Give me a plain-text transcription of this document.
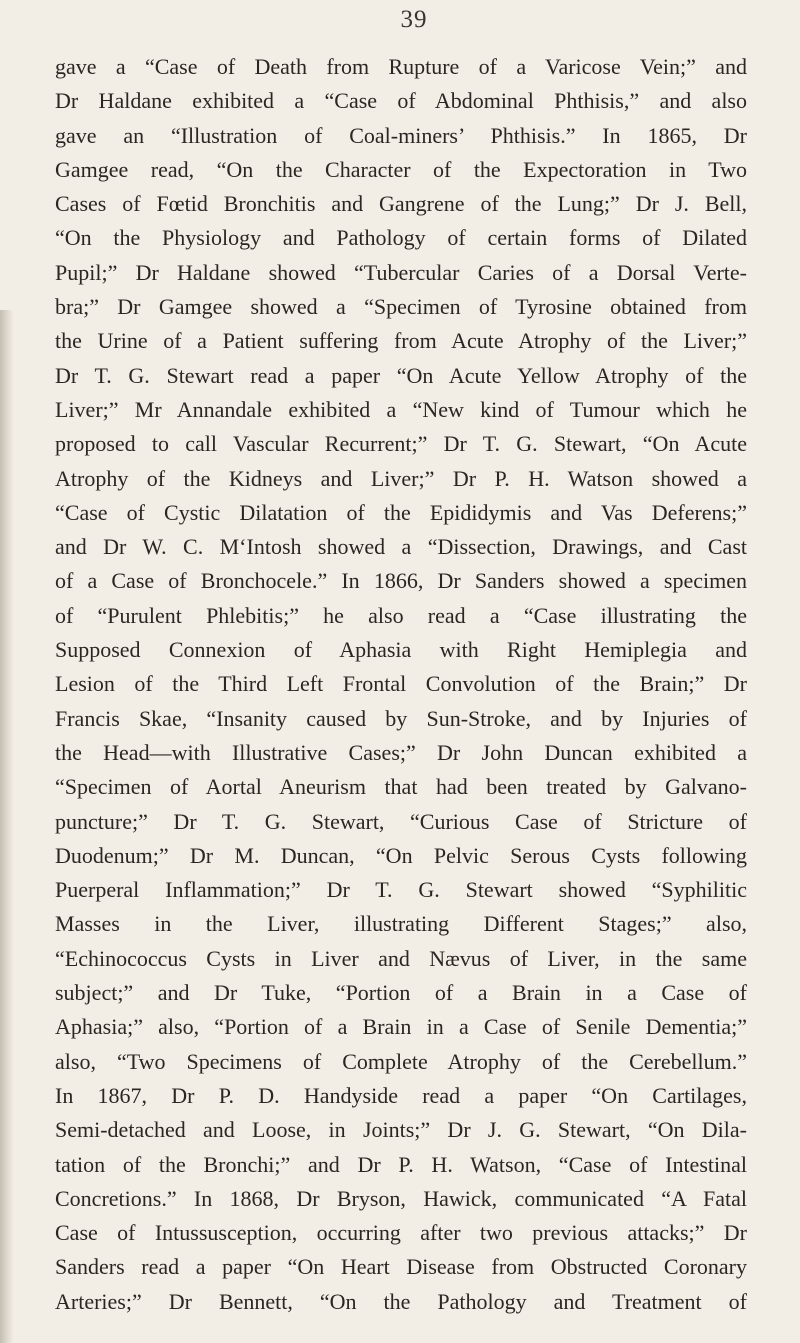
39
gave a “Case of Death from Rupture of a Varicose Vein;” and
Dr Haldane exhibited a “Case of Abdominal Phthisis,” and also
gave an “Illustration of Coal-miners’ Phthisis.” In 1865, Dr
Gamgee read, “On the Character of the Expectoration in Two
Cases of Fœtid Bronchitis and Gangrene of the Lung;” Dr J. Bell,
“On the Physiology and Pathology of certain forms of Dilated
Pupil;” Dr Haldane showed “Tubercular Caries of a Dorsal Verte-
bra;” Dr Gamgee showed a “Specimen of Tyrosine obtained from
the Urine of a Patient suffering from Acute Atrophy of the Liver;”
Dr T. G. Stewart read a paper “On Acute Yellow Atrophy of the
Liver;” Mr Annandale exhibited a “New kind of Tumour which he
proposed to call Vascular Recurrent;” Dr T. G. Stewart, “On Acute
Atrophy of the Kidneys and Liver;” Dr P. H. Watson showed a
“Case of Cystic Dilatation of the Epididymis and Vas Deferens;”
and Dr W. C. MʻIntosh showed a “Dissection, Drawings, and Cast
of a Case of Bronchocele.” In 1866, Dr Sanders showed a specimen
of “Purulent Phlebitis;” he also read a “Case illustrating the
Supposed Connexion of Aphasia with Right Hemiplegia and
Lesion of the Third Left Frontal Convolution of the Brain;” Dr
Francis Skae, “Insanity caused by Sun-Stroke, and by Injuries of
the Head—with Illustrative Cases;” Dr John Duncan exhibited a
“Specimen of Aortal Aneurism that had been treated by Galvano-
puncture;” Dr T. G. Stewart, “Curious Case of Stricture of
Duodenum;” Dr M. Duncan, “On Pelvic Serous Cysts following
Puerperal Inflammation;” Dr T. G. Stewart showed “Syphilitic
Masses in the Liver, illustrating Different Stages;” also,
“Echinococcus Cysts in Liver and Nævus of Liver, in the same
subject;” and Dr Tuke, “Portion of a Brain in a Case of
Aphasia;” also, “Portion of a Brain in a Case of Senile Dementia;”
also, “Two Specimens of Complete Atrophy of the Cerebellum.”
In 1867, Dr P. D. Handyside read a paper “On Cartilages,
Semi-detached and Loose, in Joints;” Dr J. G. Stewart, “On Dila-
tation of the Bronchi;” and Dr P. H. Watson, “Case of Intestinal
Concretions.” In 1868, Dr Bryson, Hawick, communicated “A Fatal
Case of Intussusception, occurring after two previous attacks;” Dr
Sanders read a paper “On Heart Disease from Obstructed Coronary
Arteries;” Dr Bennett, “On the Pathology and Treatment of
